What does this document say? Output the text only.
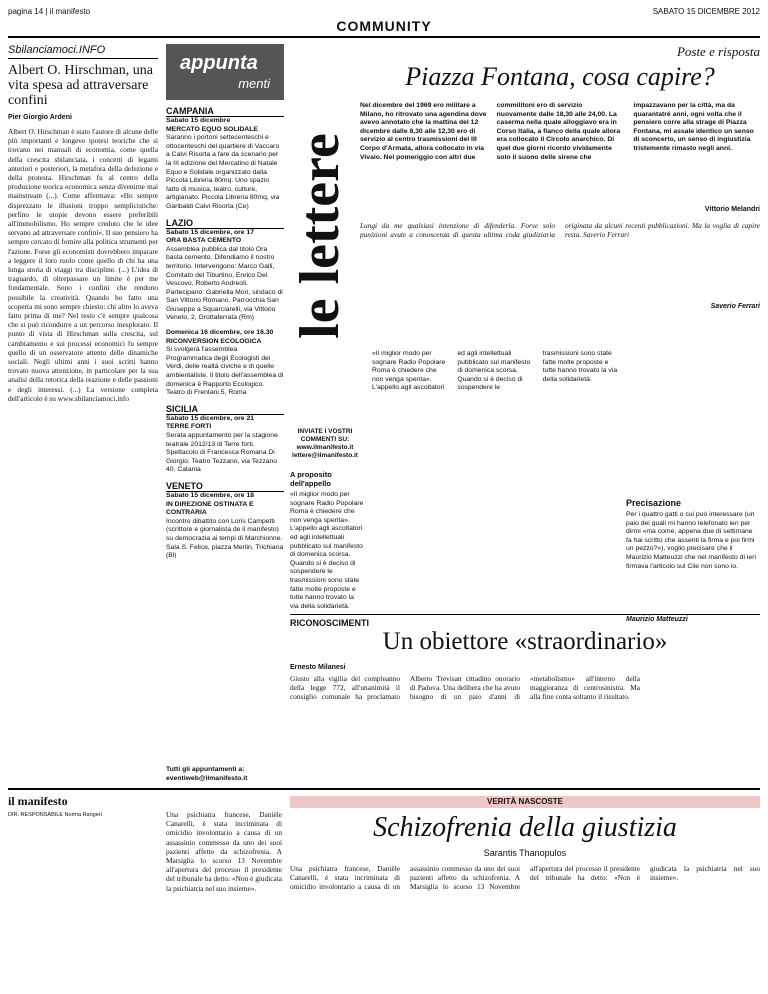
pagina 14 | il manifesto	SABATO 15 DICEMBRE 2012
COMMUNITY
Sbilanciamoci.INFO
Albert O. Hirschman, una vita spesa ad attraversare confini
Pier Giorgio Ardeni
Albert O. Hirschman è stato l'autore di alcune delle più importanti e longeve ipotesi teoriche che si trovano nei manuali di economia, come quella della crescita sbilanciata, i concetti di legami anteriori e posteriori, la metafora della defezione e della protesta. Hirschman fu al centro della produzione teorica economica senza divenirne mai mainstream (...). Come affermava: «Ho sempre disprezzato le illusioni troppo semplicistiche: perfino le utopie devono essere preferibili all'immobilismo. Ho sempre creduto che le idee servano ad attraversare confini». Il suo pensiero ha sempre cercato di fornire alla politica strumenti per l'azione. Forse gli economisti dovrebbero imparare a leggere il loro ruolo come quello di chi ha una lunga storia di viaggi tra discipline. (...) L'idea di traguardo, di oltrepassare un limite è per me fondamentale. Sono i confini che rendono possibile la creatività. Quando ho fatto una scoperta mi sono sempre chiesto: chi altro lo aveva fatto prima di me? Nel testo c'è sempre qualcosa che si può ricondurre a un percorso inesplorato. Il punto di vista di Hirschman sulla crescita, sul cambiamento e sui processi economici fu sempre quello di un osservatore attento delle dinamiche sociali. Negli ultimi anni i suoi scritti hanno trovato nuova attenzione, in particolare per la sua analisi della retorica della reazione e delle passioni e degli interessi. (...) La versione completa dell'articolo è su www.sbilanciamoci.info
appunta
menti
CAMPANIA
Sabato 15 dicembre
MERCATO EQUO SOLIDALE
Saranno i portoni settecenteschi e ottocenteschi del quartiere di Vaccaro a Calvi Risorta a fare da scenario per la III edizione del Mercatino di Natale Equo e Solidale organizzato dalla Piccola Libreria 80mq. Uno spazio fatto di musica, teatro, culture, artigianato. Piccola Libreria 80mq, via Garibaldi Calvi Risorta (Ce)
LAZIO
Sabato 15 dicembre, ore 17
ORA BASTA CEMENTO
Assemblea pubblica dal titolo Ora basta cemento. Difendiamo il nostro territorio. Intervengono: Marco Galli, Comitato del Tiburtino, Enrico Del Vescovo, Roberto Andreoli. Partecipano: Gabriella Mori, sindaco di San Vittorio Romano. Parrocchia San Giuseppe a Squarciarelli, via Vittorio Veneto, 2, Grottaferrata (Rm)
Domenica 16 dicembre, ore 16.30
RICONVERSION ECOLOGICA
Si svolgerà l'assemblea Programmatica degli Ecologisti dei Verdi, delle realtà civiche e di quelle ambientaliste. Il titolo dell'assemblea di domenica è Rapporto Ecologico. Teatro di Frentani 5, Roma
SICILIA
Sabato 15 dicembre, ore 21
TERRE FORTI
Serata appuntamento per la stagione teatrale 2012/13 di Terre forti. Spettacolo di Francesca Romana Di Giorgio. Teatro Tezzano, via Tezzano 40, Catania
VENETO
Sabato 15 dicembre, ore 18
IN DIREZIONE OSTINATA E CONTRARIA
Incontro dibattito con Loris Campetti (scrittore e giornalista de il manifesto) su democrazia ai tempi di Marchionne. Sala S. Felice, piazza Merlin, Trichiana (Bl)
le lettere
Poste e risposta
Piazza Fontana, cosa capire?
Nel dicembre del 1969 ero militare a Milano, ho ritrovato una agendina dove avevo annotato che la mattina del 12 dicembre dalle 8,30 alle 12,30 ero di servizio al centro trasmissioni del III Corpo d'Armata, allora collocato in via Vivaio. Nel pomeriggio con altri due commilitoni ero di servizio nuovamente dalle 18,30 alle 24,00. La caserma nella quale alloggiavo era in Corso Italia, a fianco della quale allora era collocato il Circolo anarchico. Di quel due giorni ricordo vividamente solo il suono delle sirene che impazzavano per la città, ma da quarantatré anni, ogni volta che il pensiero corre alla strage di Piazza Fontana, mi assale identico un senso di sconcerto, un senso di ingiustizia tristemente rimasto negli anni.
Vittorio Melandri
Lungi da me qualsiasi intenzione di difenderla. Forse solo punizioni avute a conoscenza di questa ultima coda giudiziaria originata da alcuni recenti pubblicazioni. Ma la voglia di capire resta. Saverio Ferrari
Saverio Ferrari
INVIATE I VOSTRI COMMENTI SU: www.ilmanifesto.it lettere@ilmanifesto.it
A proposito dell'appello
«Il miglior modo per sognare Radio Popolare Roma è chiedere che non venga spenta». L'appello agli ascoltatori ed agli intellettuali pubblicato sul manifesto di domenica scorsa. Quando si è deciso di sospendere le trasmissioni sono state fatte molte proposte e tutte hanno trovato la via della solidarietà.
«Il miglior modo per sognare Radio Popolare Roma è chiedere che non venga spenta». L'appello agli ascoltatori ed agli intellettuali pubblicato sul manifesto di domenica scorsa. Quando si è deciso di sospendere le trasmissioni sono state fatte molte proposte e tutte hanno trovato la via della solidarietà.
Precisazione
Per i quattro gatti o cui può interessare (un paio dei quali mi hanno telefonato ieri per dirmi «ma come, appena due di settimane fa hai scritto che assenti la firma e poi firmi un pezzo?»), voglio precisare che il Maurizio Matteuzzi che nel manifesto di ieri firmava l'articolo sul Cile non sono io.
Maurizio Matteuzzi
RICONOSCIMENTI
Un obiettore «straordinario»
Ernesto Milanesi
Giusto alla vigilia del compleanno della legge 772, all'unanimità il consiglio comunale ha proclamato Alberto Trevisan cittadino onorario di Padova. Una delibera che ha avuto bisogno di un paio d'anni di «metabolismo» all'interno della maggioranza di centrosinistra. Ma alla fine conta soltanto il risultato.
Tutti gli appuntamenti a: eventiweb@ilmanifesto.it
il manifesto
DIR. RESPONSABILE Norma Rangeri
VERITÀ NASCOSTE
Schizofrenia della giustizia
Sarantis Thanopulos
Una psichiatra francese, Danièle Canarelli, è stata incriminata di omicidio involontario a causa di un assassinio commesso da uno dei suoi pazienti affetto da schizofrenia. A Marsiglia lo scorso 13 Novembre all'apertura del processo il presidente del tribunale ha detto: «Non è giudicata la psichiatria nel suo insieme».
Una psichiatra francese, Danièle Canarelli, è stata incriminata di omicidio involontario a causa di un assassinio commesso da uno dei suoi pazienti affetto da schizofrenia. A Marsiglia lo scorso 13 Novembre all'apertura del processo il presidente del tribunale ha detto: «Non è giudicata la psichiatria nel suo insieme».
